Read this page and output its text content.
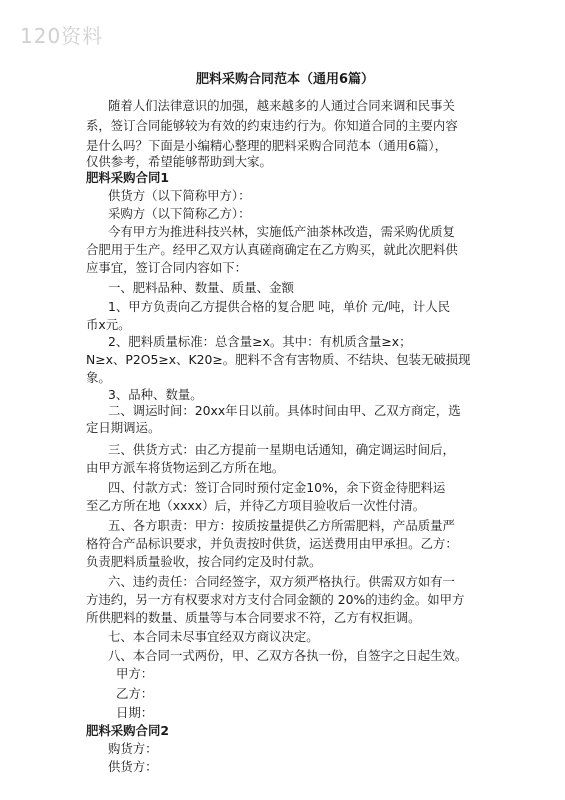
120资料
肥料采购合同范本（通用6篇）
随着人们法律意识的加强，越来越多的人通过合同来调和民事关
系，签订合同能够较为有效的约束违约行为。你知道合同的主要内容
是什么吗？下面是小编精心整理的肥料采购合同范本（通用6篇），
仅供参考，希望能够帮助到大家。
肥料采购合同1
供货方（以下简称甲方）：
采购方（以下简称乙方）：
今有甲方为推进科技兴林，实施低产油茶林改造，需采购优质复
合肥用于生产。经甲乙双方认真磋商确定在乙方购买，就此次肥料供
应事宜，签订合同内容如下：
一、肥料品种、数量、质量、金额
1、甲方负责向乙方提供合格的复合肥 吨，单价 元/吨，计人民
币x元。
2、肥料质量标准：总含量≥x。其中：有机质含量≥x；
N≥x、P2O5≥x、K20≥。肥料不含有害物质、不结块、包装无破损现
象。
3、品种、数量。
二、调运时间：20xx年日以前。具体时间由甲、乙双方商定，选
定日期调运。
三、供货方式：由乙方提前一星期电话通知，确定调运时间后，
由甲方派车将货物运到乙方所在地。
四、付款方式：签订合同时预付定金10%，余下资金待肥料运
至乙方所在地（xxxx）后，并待乙方项目验收后一次性付清。
五、各方职责：甲方：按质按量提供乙方所需肥料，产品质量严
格符合产品标识要求，并负责按时供货，运送费用由甲承担。乙方：
负责肥料质量验收，按合同约定及时付款。
六、违约责任：合同经签字，双方须严格执行。供需双方如有一
方违约，另一方有权要求对方支付合同金额的 20%的违约金。如甲方
所供肥料的数量、质量等与本合同要求不符，乙方有权拒调。
七、本合同未尽事宜经双方商议决定。
八、本合同一式两份，甲、乙双方各执一份，自签字之日起生效。
甲方：
乙方：
日期：
肥料采购合同2
购货方：
供货方：
